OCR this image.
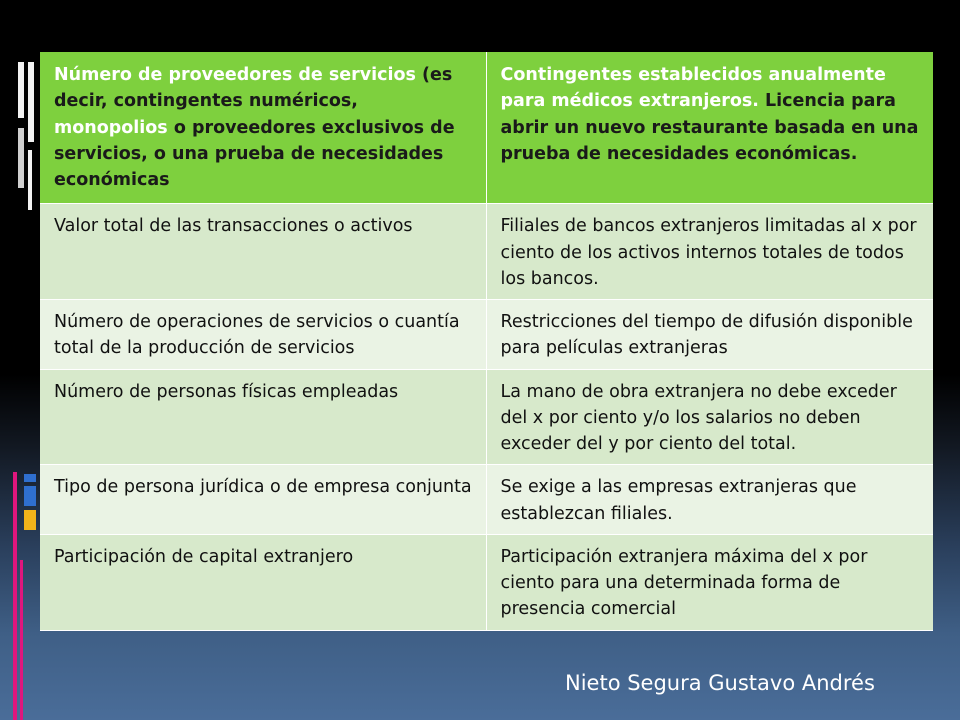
Número de proveedores de servicios (es decir, contingentes numéricos, monopolios o proveedores exclusivos de servicios, o una prueba de necesidades económicas	Contingentes establecidos anualmente para médicos extranjeros. Licencia para abrir un nuevo restaurante basada en una prueba de necesidades económicas.
Valor total de las transacciones o activos	Filiales de bancos extranjeros limitadas al x por ciento de los activos internos totales de todos los bancos.
Número de operaciones de servicios o cuantía total de la producción de servicios	Restricciones del tiempo de difusión disponible para películas extranjeras
Número de personas físicas empleadas	La mano de obra extranjera no debe exceder del x por ciento y/o los salarios no deben exceder del y por ciento del total.
Tipo de persona jurídica o de empresa conjunta	Se exige a las empresas extranjeras que establezcan filiales.
Participación de capital extranjero	Participación extranjera máxima del x por ciento para una determinada forma de presencia comercial
Nieto Segura Gustavo Andrés
